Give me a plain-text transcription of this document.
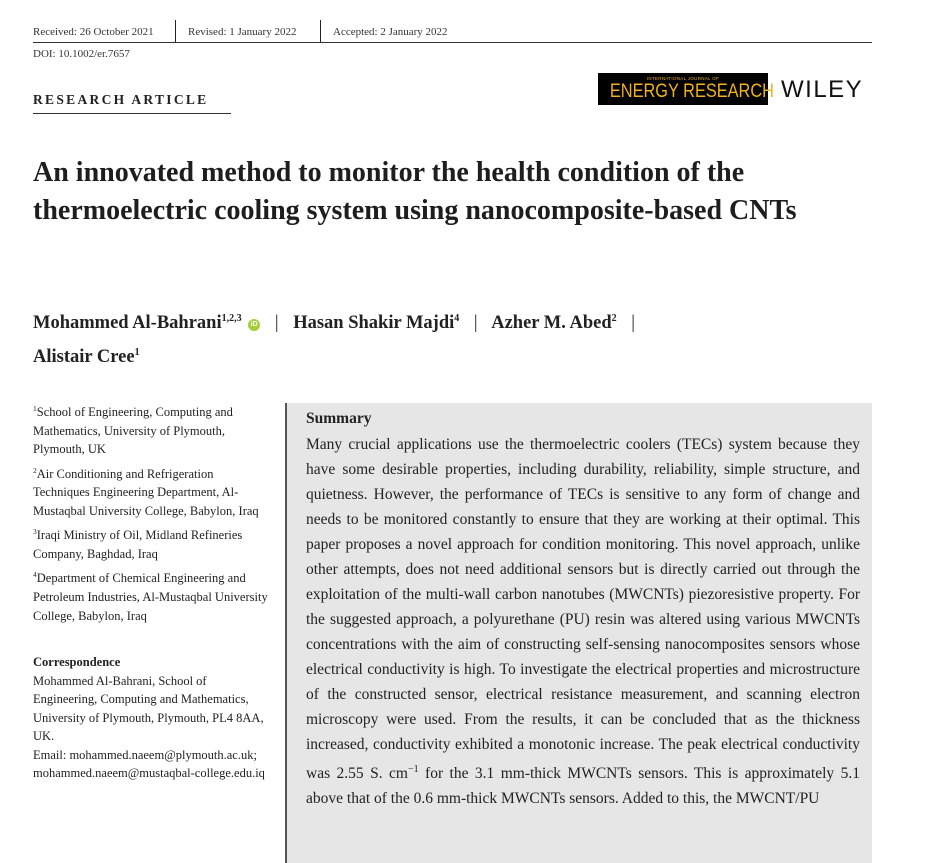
Received: 26 October 2021	Revised: 1 January 2022	Accepted: 2 January 2022
DOI: 10.1002/er.7657
RESEARCH ARTICLE
INTERNATIONAL JOURNAL OF
ENERGY RESEARCH WILEY
An innovated method to monitor the health condition of the thermoelectric cooling system using nanocomposite-based CNTs
Mohammed Al-Bahrani$^{1,2,3}$ iD | Hasan Shakir Majdi$^4$ | Azher M. Abed$^2$ |
Alistair Cree$^1$
$^1$School of Engineering, Computing and Mathematics, University of Plymouth, Plymouth, UK
$^2$Air Conditioning and Refrigeration Techniques Engineering Department, Al-Mustaqbal University College, Babylon, Iraq
$^3$Iraqi Ministry of Oil, Midland Refineries Company, Baghdad, Iraq
$^4$Department of Chemical Engineering and Petroleum Industries, Al-Mustaqbal University College, Babylon, Iraq
Correspondence
Mohammed Al-Bahrani, School of Engineering, Computing and Mathematics, University of Plymouth, Plymouth, PL4 8AA, UK.
Email: mohammed.naeem@plymouth.ac.uk; mohammed.naeem@mustaqbal-college.edu.iq
Summary
Many crucial applications use the thermoelectric coolers (TECs) system because they have some desirable properties, including durability, reliability, simple structure, and quietness. However, the performance of TECs is sensitive to any form of change and needs to be monitored constantly to ensure that they are working at their optimal. This paper proposes a novel approach for condition monitoring. This novel approach, unlike other attempts, does not need additional sensors but is directly carried out through the exploitation of the multi-wall carbon nanotubes (MWCNTs) piezoresistive property. For the suggested approach, a polyurethane (PU) resin was altered using various MWCNTs concentrations with the aim of constructing self-sensing nanocomposites sensors whose electrical conductivity is high. To investigate the electrical properties and microstructure of the constructed sensor, electrical resistance measurement, and scanning electron microscopy were used. From the results, it can be concluded that as the thickness increased, conductivity exhibited a monotonic increase. The peak electrical conductivity was 2.55 S. $cm^{-1}$ for the 3.1 mm-thick MWCNTs sensors. This is approximately 5.1 above that of the 0.6 mm-thick MWCNTs sensors. Added to this, the MWCNT/PU
